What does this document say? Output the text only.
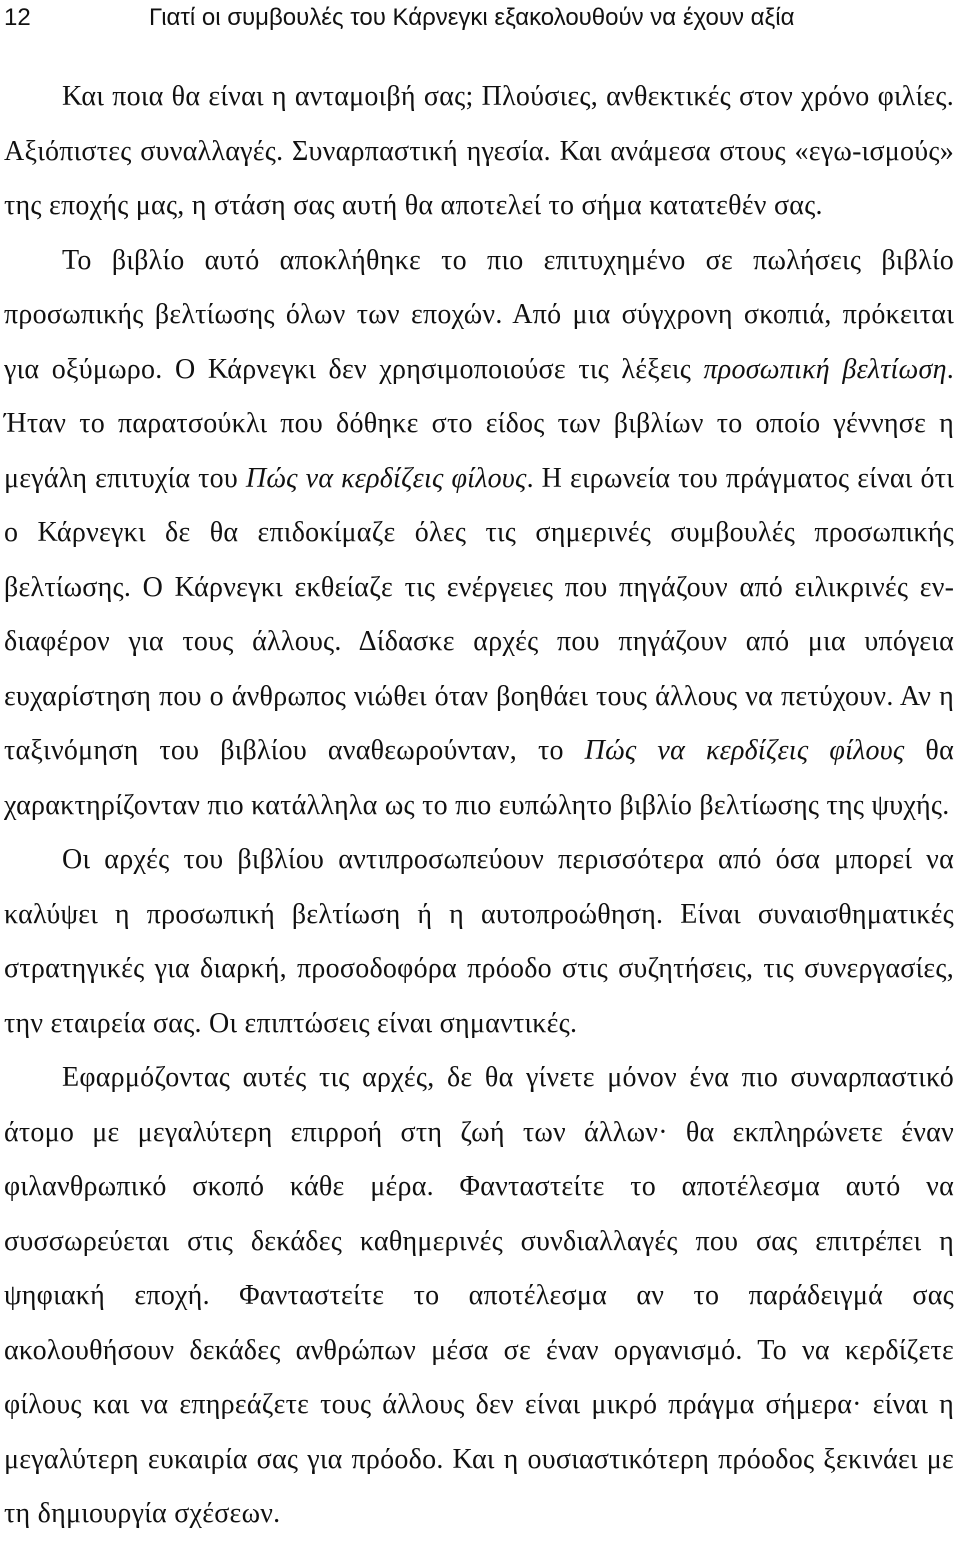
12	Γιατί οι συμβουλές του Κάρνεγκι εξακολουθούν να έχουν αξία

Και ποια θα είναι η ανταμοιβή σας; Πλούσιες, ανθεκτικές στον χρόνο φιλίες. Αξιόπιστες συναλλαγές. Συναρπαστική ηγεσία. Και ανάμεσα στους «εγω-ισμούς» της εποχής μας, η στάση σας αυτή θα αποτελεί το σήμα κατατεθέν σας.

Το βιβλίο αυτό αποκλήθηκε το πιο επιτυχημένο σε πωλήσεις βιβλίο προσωπικής βελτίωσης όλων των εποχών. Από μια σύγχρονη σκοπιά, πρόκειται για οξύμωρο. Ο Κάρνεγκι δεν χρησιμοποιούσε τις λέξεις προσωπική βελτίωση. Ήταν το παρατσούκλι που δόθηκε στο είδος των βιβλίων το οποίο γέννησε η μεγάλη επιτυχία του Πώς να κερδίζεις φίλους. Η ειρωνεία του πράγματος είναι ότι ο Κάρνεγκι δε θα επιδοκίμαζε όλες τις σημερινές συμβουλές προσωπικής βελτίωσης. Ο Κάρνεγκι εκθείαζε τις ενέργειες που πηγάζουν από ειλικρινές ενδιαφέρον για τους άλλους. Δίδασκε αρχές που πηγάζουν από μια υπόγεια ευχαρίστηση που ο άνθρωπος νιώθει όταν βοηθάει τους άλλους να πετύχουν. Αν η ταξινόμηση του βιβλίου αναθεωρούνταν, το Πώς να κερδίζεις φίλους θα χαρακτηρίζονταν πιο κατάλληλα ως το πιο ευπώλητο βιβλίο βελτίωσης της ψυχής.

Οι αρχές του βιβλίου αντιπροσωπεύουν περισσότερα από όσα μπορεί να καλύψει η προσωπική βελτίωση ή η αυτοπροώθηση. Είναι συναισθηματικές στρατηγικές για διαρκή, προσοδοφόρα πρόοδο στις συζητήσεις, τις συνεργασίες, την εταιρεία σας. Οι επιπτώσεις είναι σημαντικές.

Εφαρμόζοντας αυτές τις αρχές, δε θα γίνετε μόνον ένα πιο συναρπαστικό άτομο με μεγαλύτερη επιρροή στη ζωή των άλλων· θα εκπληρώνετε έναν φιλανθρωπικό σκοπό κάθε μέρα. Φανταστείτε το αποτέλεσμα αυτό να συσσωρεύεται στις δεκάδες καθημερινές συνδιαλλαγές που σας επιτρέπει η ψηφιακή εποχή. Φανταστείτε το αποτέλεσμα αν το παράδειγμά σας ακολουθήσουν δεκάδες ανθρώπων μέσα σε έναν οργανισμό. Το να κερδίζετε φίλους και να επηρεάζετε τους άλλους δεν είναι μικρό πράγμα σήμερα· είναι η μεγαλύτερη ευκαιρία σας για πρόοδο. Και η ουσιαστικότερη πρόοδος ξεκινάει με τη δημιουργία σχέσεων.
